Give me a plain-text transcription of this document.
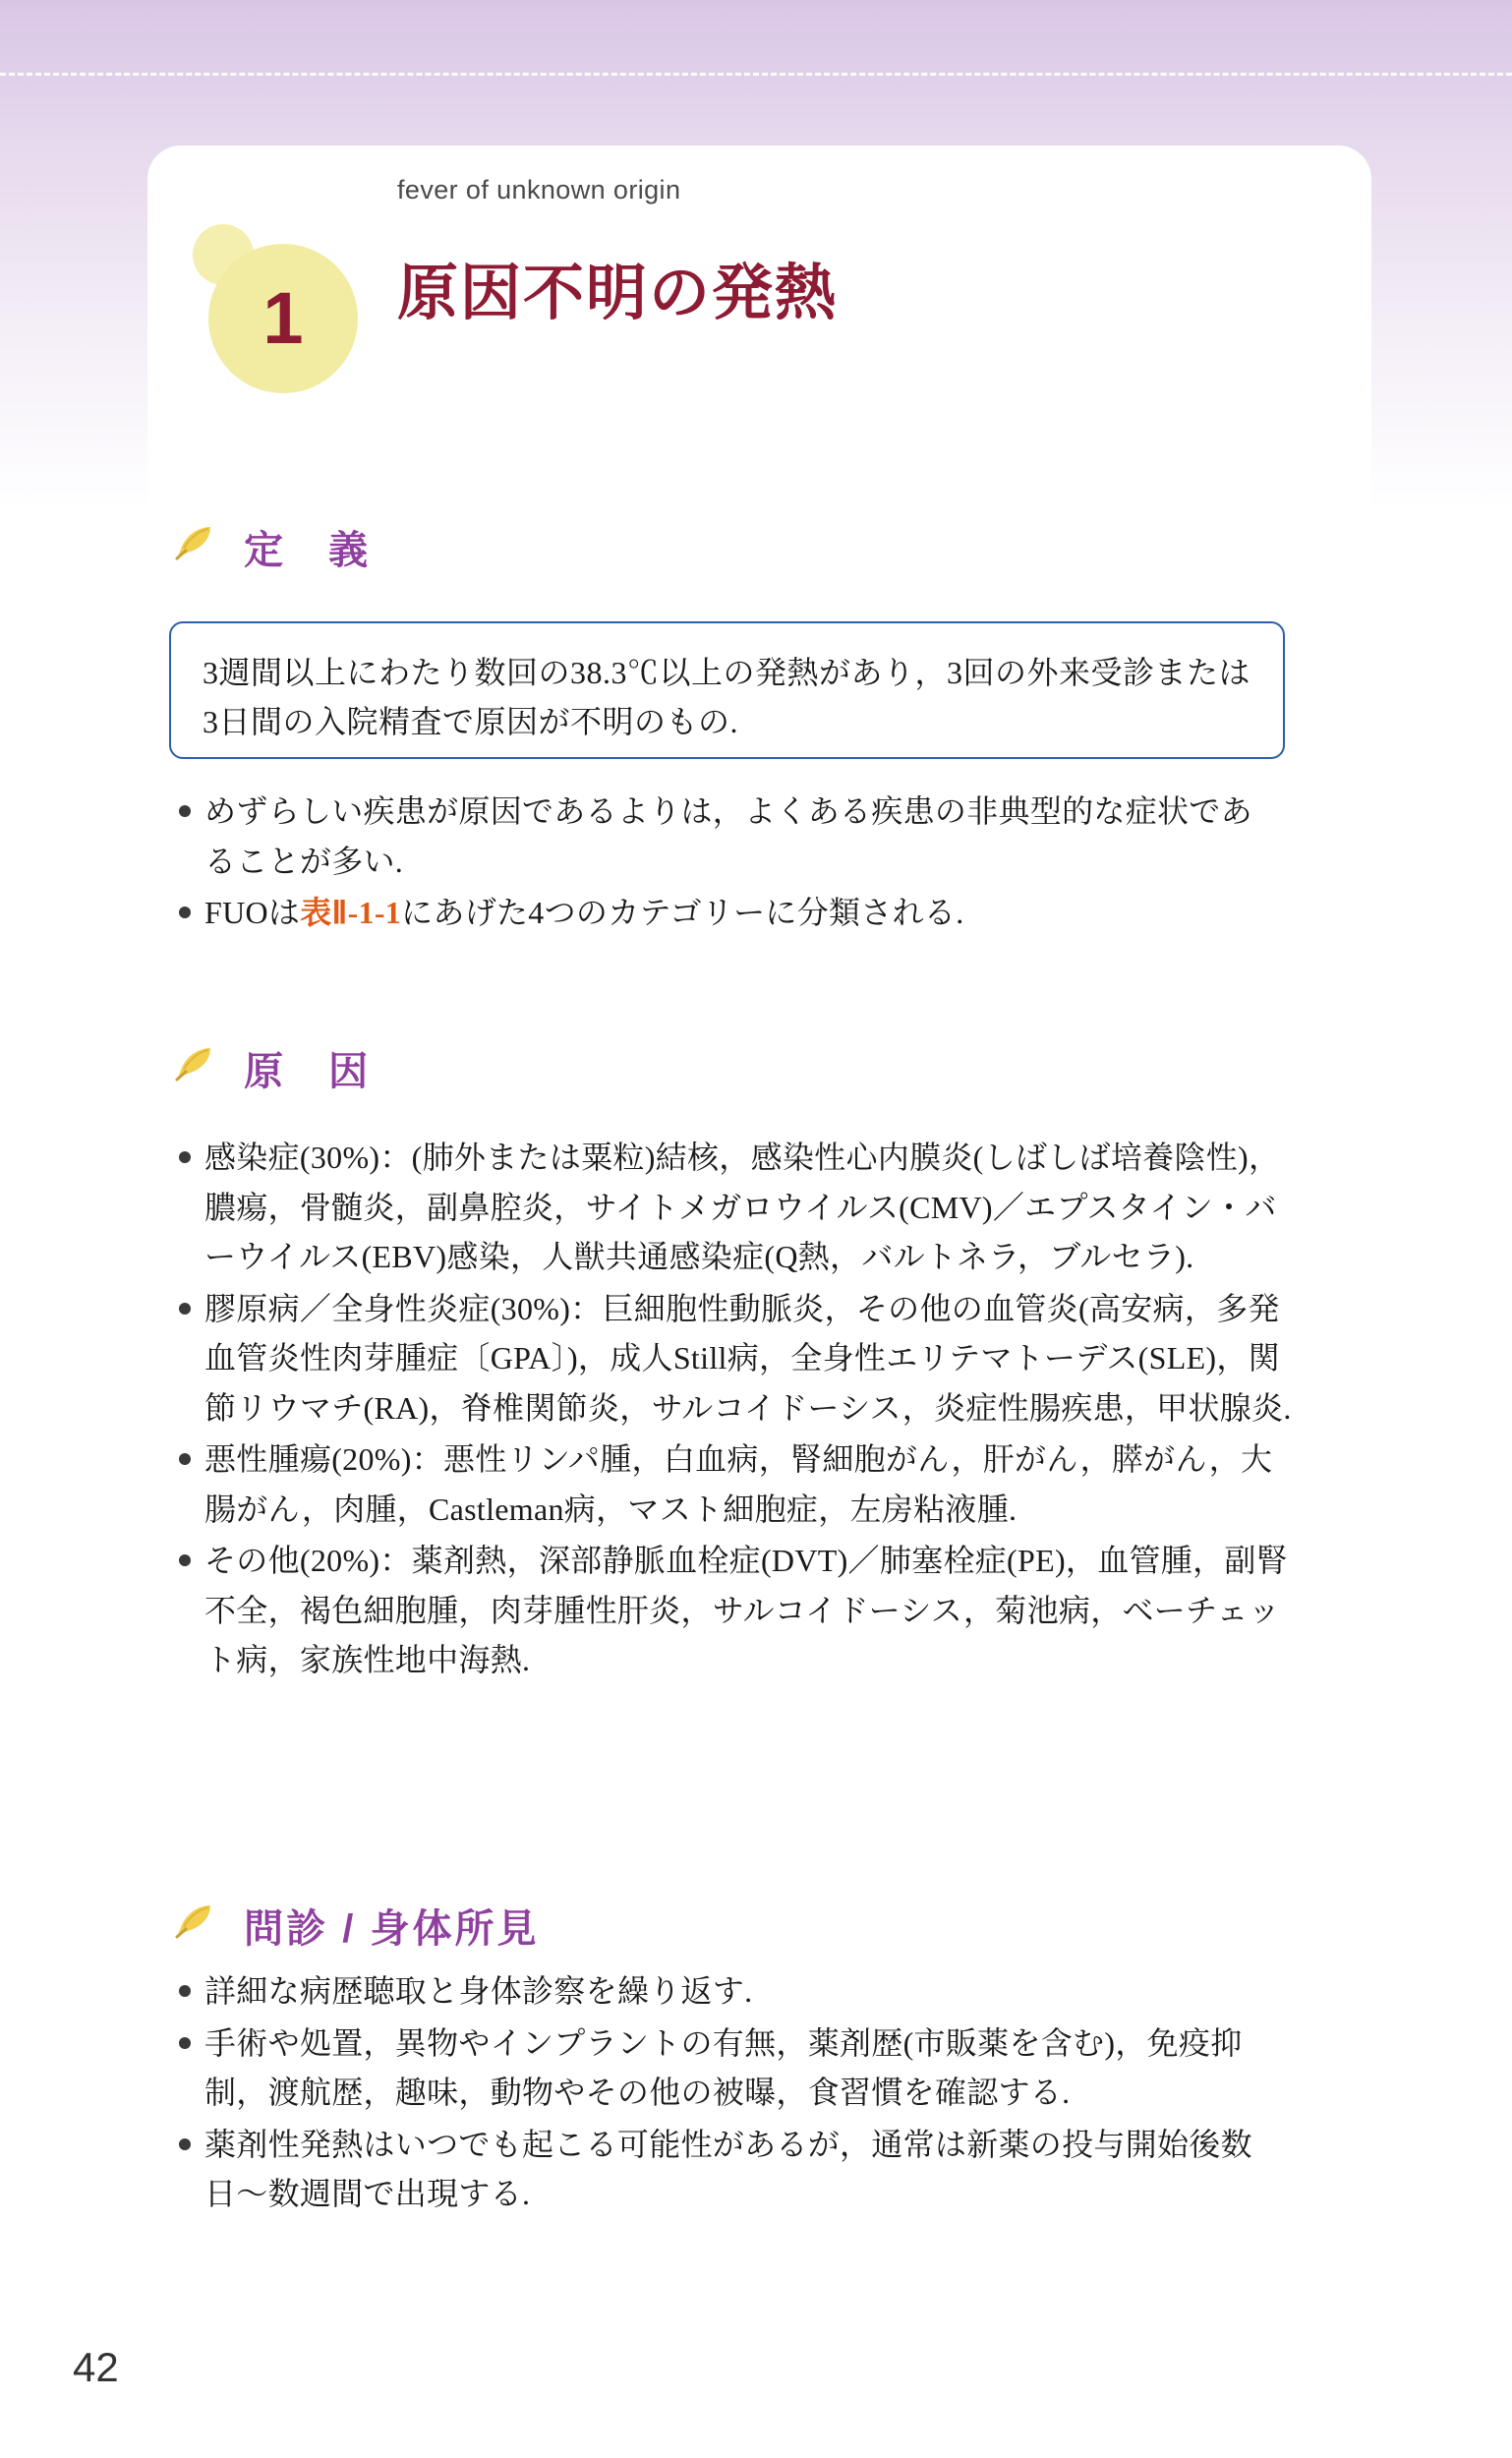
fever of unknown origin
1	原因不明の発熱
定　義

3週間以上にわたり数回の38.3℃以上の発熱があり，3回の外来受診または3日間の入院精査で原因が不明のもの.

めずらしい疾患が原因であるよりは，よくある疾患の非典型的な症状であることが多い.
FUOは表Ⅱ-1-1にあげた4つのカテゴリーに分類される.
原　因
感染症(30%)：(肺外または粟粒)結核，感染性心内膜炎(しばしば培養陰性)，膿瘍，骨髄炎，副鼻腔炎，サイトメガロウイルス(CMV)／エプスタイン・バーウイルス(EBV)感染，人獣共通感染症(Q熱，バルトネラ，ブルセラ).
膠原病／全身性炎症(30%)：巨細胞性動脈炎，その他の血管炎(高安病，多発血管炎性肉芽腫症〔GPA〕)，成人Still病，全身性エリテマトーデス(SLE)，関節リウマチ(RA)，脊椎関節炎，サルコイドーシス，炎症性腸疾患，甲状腺炎.
悪性腫瘍(20%)：悪性リンパ腫，白血病，腎細胞がん，肝がん，膵がん，大腸がん，肉腫，Castleman病，マスト細胞症，左房粘液腫.
その他(20%)：薬剤熱，深部静脈血栓症(DVT)／肺塞栓症(PE)，血管腫，副腎不全，褐色細胞腫，肉芽腫性肝炎，サルコイドーシス，菊池病，ベーチェット病，家族性地中海熱.
問診 / 身体所見
詳細な病歴聴取と身体診察を繰り返す.
手術や処置，異物やインプラントの有無，薬剤歴(市販薬を含む)，免疫抑制，渡航歴，趣味，動物やその他の被曝，食習慣を確認する.
薬剤性発熱はいつでも起こる可能性があるが，通常は新薬の投与開始後数日〜数週間で出現する.
42
